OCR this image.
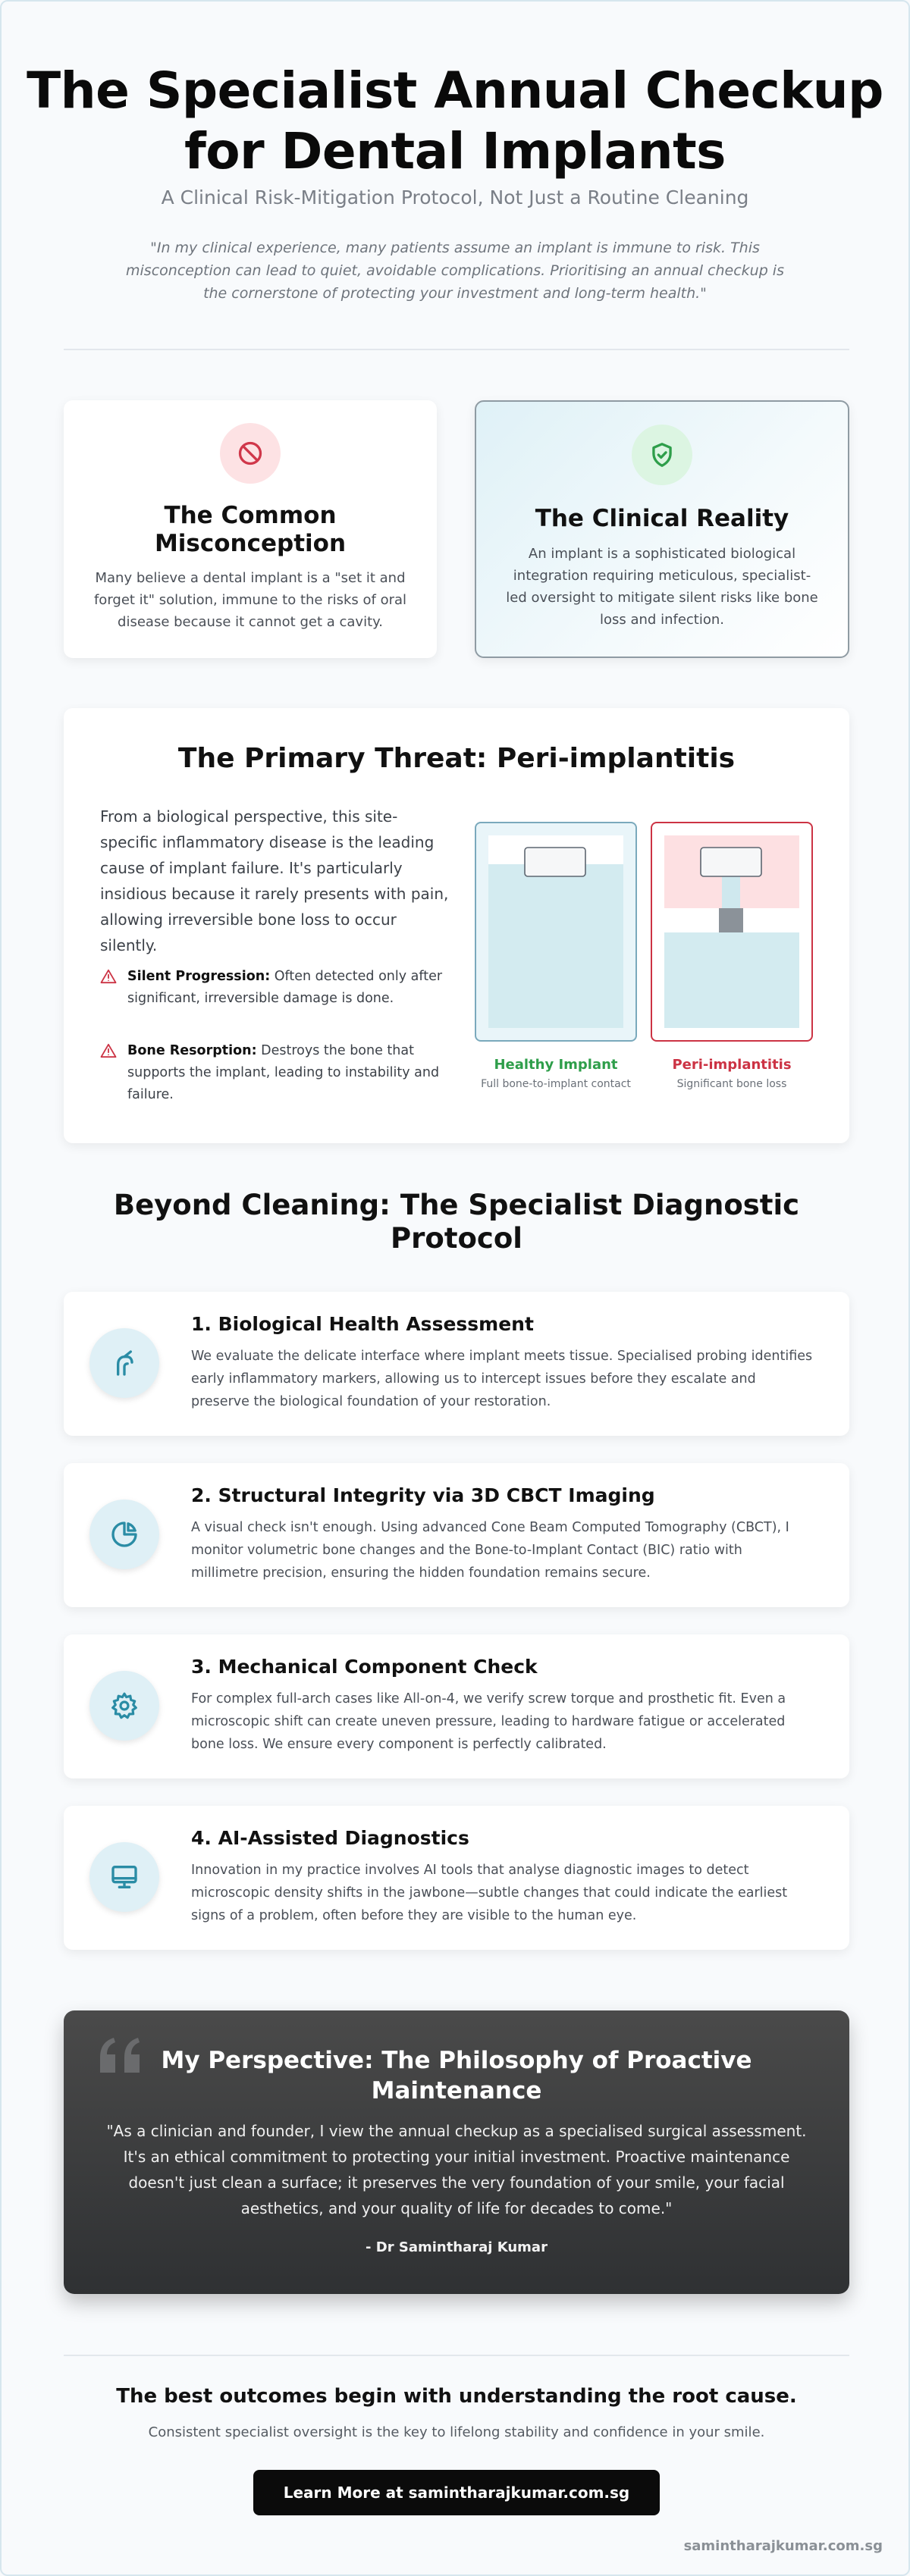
The Specialist Annual Checkup for Dental Implants
A Clinical Risk-Mitigation Protocol, Not Just a Routine Cleaning

"In my clinical experience, many patients assume an implant is immune to risk. This misconception can lead to quiet, avoidable complications. Prioritising an annual checkup is the cornerstone of protecting your investment and long-term health."

The Common Misconception

Many believe a dental implant is a "set it and forget it" solution, immune to the risks of oral disease because it cannot get a cavity.

The Clinical Reality

An implant is a sophisticated biological integration requiring meticulous, specialist-led oversight to mitigate silent risks like bone loss and infection.

The Primary Threat: Peri-implantitis

From a biological perspective, this site-specific inflammatory disease is the leading cause of implant failure. It's particularly insidious because it rarely presents with pain, allowing irreversible bone loss to occur silently.

Silent Progression: Often detected only after significant, irreversible damage is done.
Bone Resorption: Destroys the bone that supports the implant, leading to instability and failure.
Healthy Implant
Full bone-to-implant contact
Peri-implantitis
Significant bone loss
Beyond Cleaning: The Specialist Diagnostic Protocol
1. Biological Health Assessment

We evaluate the delicate interface where implant meets tissue. Specialised probing identifies early inflammatory markers, allowing us to intercept issues before they escalate and preserve the biological foundation of your restoration.

2. Structural Integrity via 3D CBCT Imaging

A visual check isn't enough. Using advanced Cone Beam Computed Tomography (CBCT), I monitor volumetric bone changes and the Bone-to-Implant Contact (BIC) ratio with millimetre precision, ensuring the hidden foundation remains secure.

3. Mechanical Component Check

For complex full-arch cases like All-on-4, we verify screw torque and prosthetic fit. Even a microscopic shift can create uneven pressure, leading to hardware fatigue or accelerated bone loss. We ensure every component is perfectly calibrated.

4. AI-Assisted Diagnostics

Innovation in my practice involves AI tools that analyse diagnostic images to detect microscopic density shifts in the jawbone—subtle changes that could indicate the earliest signs of a problem, often before they are visible to the human eye.

My Perspective: The Philosophy of Proactive Maintenance

"As a clinician and founder, I view the annual checkup as a specialised surgical assessment. It's an ethical commitment to protecting your initial investment. Proactive maintenance doesn't just clean a surface; it preserves the very foundation of your smile, your facial aesthetics, and your quality of life for decades to come."

- Dr Samintharaj Kumar
The best outcomes begin with understanding the root cause.

Consistent specialist oversight is the key to lifelong stability and confidence in your smile.

Learn More at samintharajkumar.com.sg
samintharajkumar.com.sg
